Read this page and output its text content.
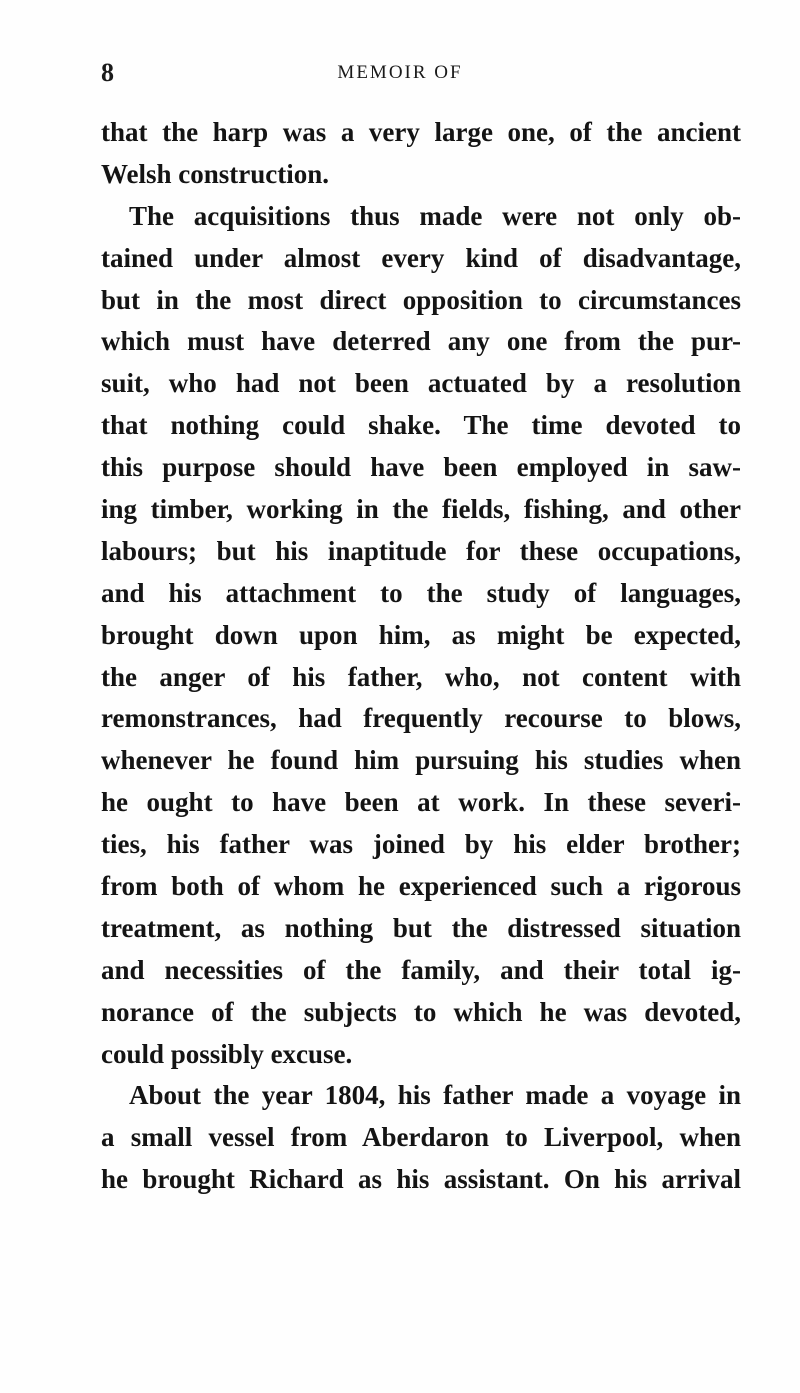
8	MEMOIR OF
that the harp was a very large one, of the ancient
Welsh construction.
The acquisitions thus made were not only ob-
tained under almost every kind of disadvantage,
but in the most direct opposition to circumstances
which must have deterred any one from the pur-
suit, who had not been actuated by a resolution
that nothing could shake. The time devoted to
this purpose should have been employed in saw-
ing timber, working in the fields, fishing, and other
labours; but his inaptitude for these occupations,
and his attachment to the study of languages,
brought down upon him, as might be expected,
the anger of his father, who, not content with
remonstrances, had frequently recourse to blows,
whenever he found him pursuing his studies when
he ought to have been at work. In these severi-
ties, his father was joined by his elder brother;
from both of whom he experienced such a rigorous
treatment, as nothing but the distressed situation
and necessities of the family, and their total ig-
norance of the subjects to which he was devoted,
could possibly excuse.
About the year 1804, his father made a voyage in
a small vessel from Aberdaron to Liverpool, when
he brought Richard as his assistant. On his arrival
